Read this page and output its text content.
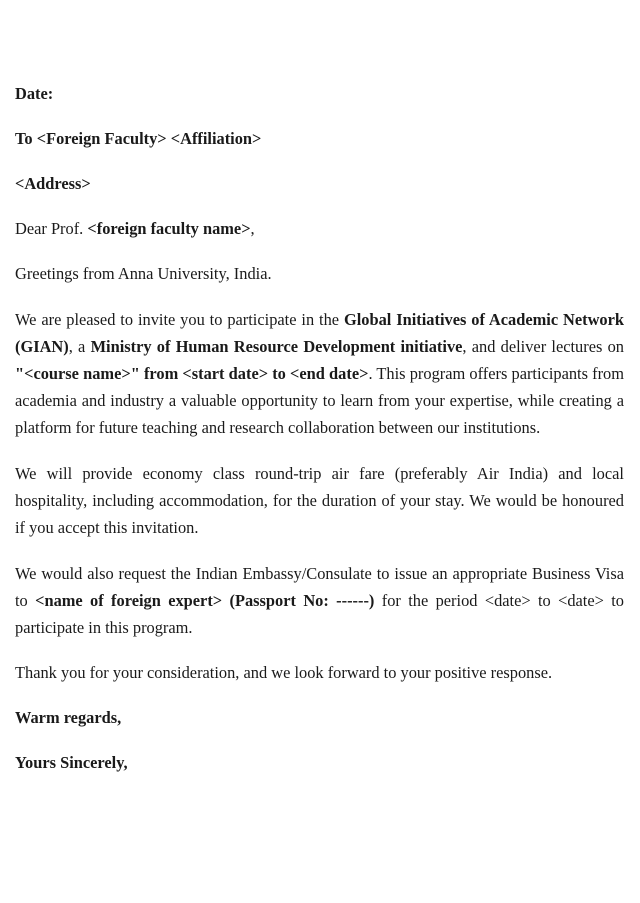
Date:
To <Foreign Faculty> <Affiliation>
<Address>
Dear Prof. <foreign faculty name>,
Greetings from Anna University, India.

We are pleased to invite you to participate in the Global Initiatives of Academic Network (GIAN), a Ministry of Human Resource Development initiative, and deliver lectures on "<course name>" from <start date> to <end date>. This program offers participants from academia and industry a valuable opportunity to learn from your expertise, while creating a platform for future teaching and research collaboration between our institutions.

We will provide economy class round-trip air fare (preferably Air India) and local hospitality, including accommodation, for the duration of your stay. We would be honoured if you accept this invitation.

We would also request the Indian Embassy/Consulate to issue an appropriate Business Visa to <name of foreign expert> (Passport No: ------) for the period <date> to <date> to participate in this program.

Thank you for your consideration, and we look forward to your positive response.
Warm regards,
Yours Sincerely,
